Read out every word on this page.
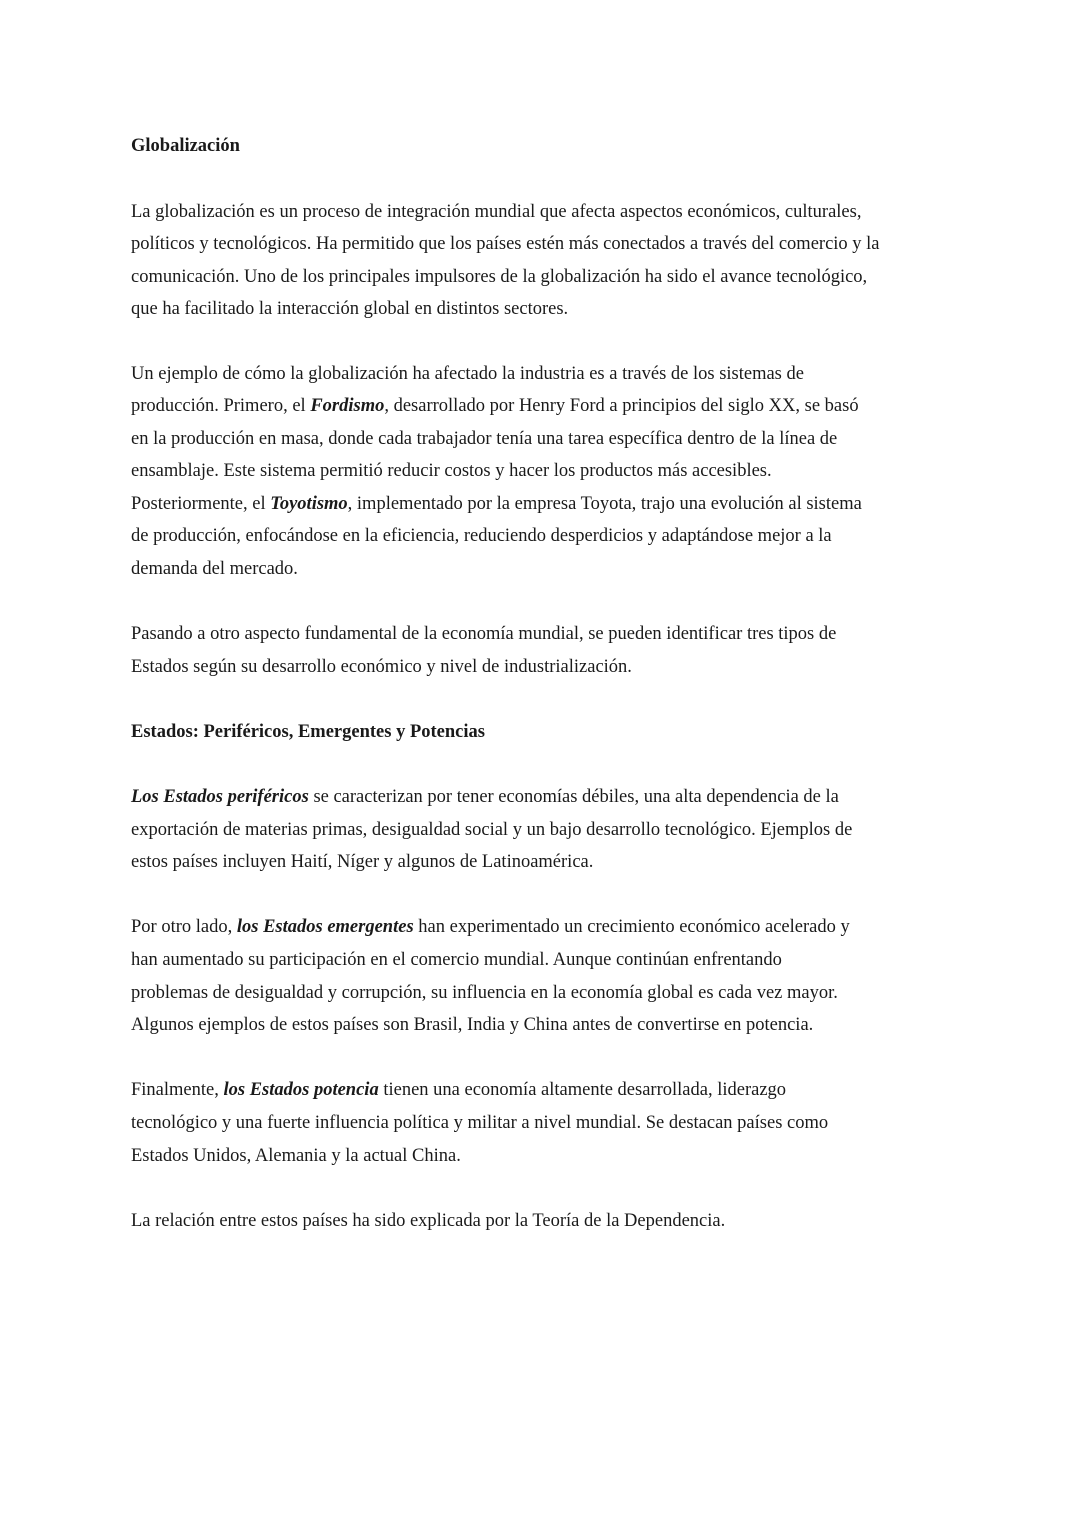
Globalización
La globalización es un proceso de integración mundial que afecta aspectos económicos, culturales,
políticos y tecnológicos. Ha permitido que los países estén más conectados a través del comercio y la
comunicación. Uno de los principales impulsores de la globalización ha sido el avance tecnológico,
que ha facilitado la interacción global en distintos sectores.
Un ejemplo de cómo la globalización ha afectado la industria es a través de los sistemas de
producción. Primero, el Fordismo, desarrollado por Henry Ford a principios del siglo XX, se basó
en la producción en masa, donde cada trabajador tenía una tarea específica dentro de la línea de
ensamblaje. Este sistema permitió reducir costos y hacer los productos más accesibles.
Posteriormente, el Toyotismo, implementado por la empresa Toyota, trajo una evolución al sistema
de producción, enfocándose en la eficiencia, reduciendo desperdicios y adaptándose mejor a la
demanda del mercado.
Pasando a otro aspecto fundamental de la economía mundial, se pueden identificar tres tipos de
Estados según su desarrollo económico y nivel de industrialización.
Estados: Periféricos, Emergentes y Potencias
Los Estados periféricos se caracterizan por tener economías débiles, una alta dependencia de la
exportación de materias primas, desigualdad social y un bajo desarrollo tecnológico. Ejemplos de
estos países incluyen Haití, Níger y algunos de Latinoamérica.
Por otro lado, los Estados emergentes han experimentado un crecimiento económico acelerado y
han aumentado su participación en el comercio mundial. Aunque continúan enfrentando
problemas de desigualdad y corrupción, su influencia en la economía global es cada vez mayor.
Algunos ejemplos de estos países son Brasil, India y China antes de convertirse en potencia.
Finalmente, los Estados potencia tienen una economía altamente desarrollada, liderazgo
tecnológico y una fuerte influencia política y militar a nivel mundial. Se destacan países como
Estados Unidos, Alemania y la actual China.
La relación entre estos países ha sido explicada por la Teoría de la Dependencia.
